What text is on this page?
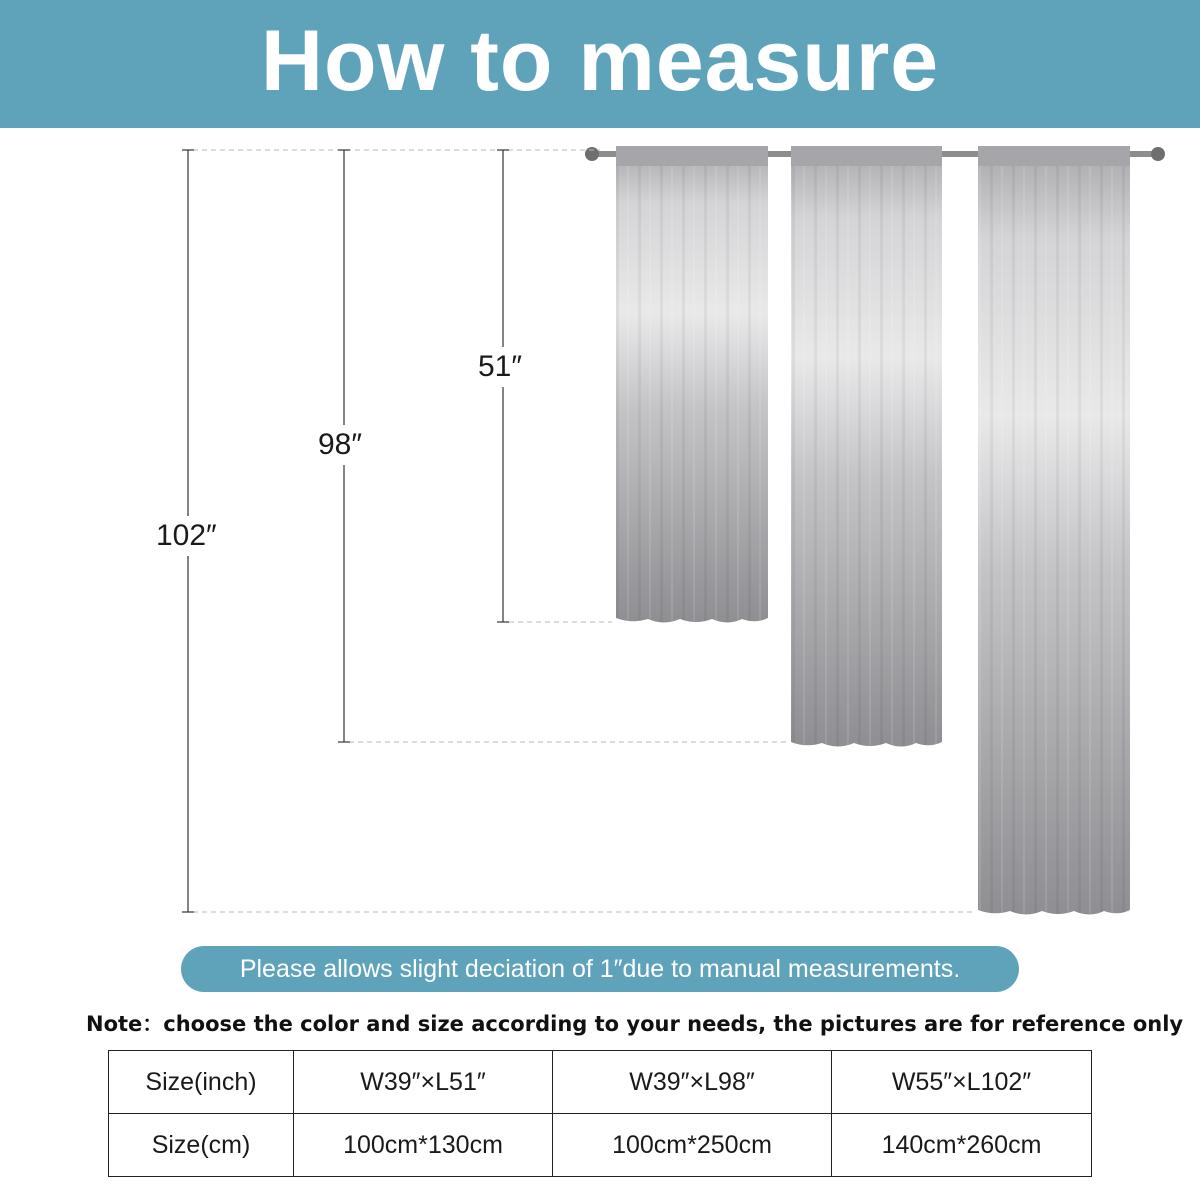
How to measure
51″
98″
102″
Please allows slight deciation of 1″due to manual measurements.
Note：choose the color and size according to your needs, the pictures are for reference only
Size(inch)	W39″×L51″	W39″×L98″	W55″×L102″
Size(cm)	100cm*130cm	100cm*250cm	140cm*260cm
